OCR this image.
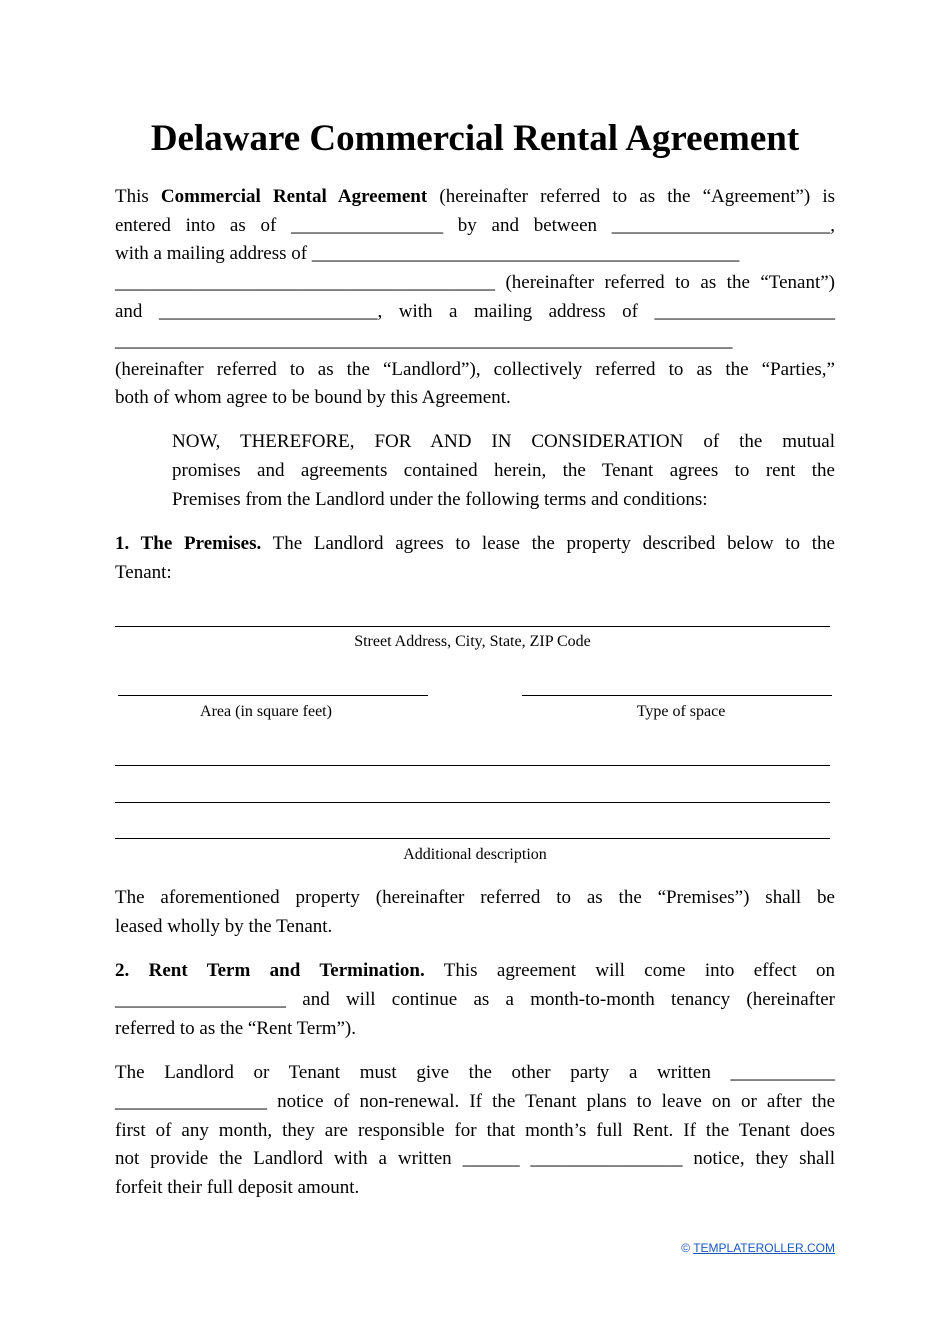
Delaware Commercial Rental Agreement
This Commercial Rental Agreement (hereinafter referred to as the “Agreement”) is
entered into as of ________________ by and between _______________________,
with a mailing address of _____________________________________________
________________________________________ (hereinafter referred to as the “Tenant”)
and _______________________, with a mailing address of ___________________
_________________________________________________________________
(hereinafter referred to as the “Landlord”), collectively referred to as the “Parties,”
both of whom agree to be bound by this Agreement.
NOW, THEREFORE, FOR AND IN CONSIDERATION of the mutual
promises and agreements contained herein, the Tenant agrees to rent the
Premises from the Landlord under the following terms and conditions:
1. The Premises. The Landlord agrees to lease the property described below to the
Tenant:
Street Address, City, State, ZIP Code
Area (in square feet)	Type of space
Additional description
The aforementioned property (hereinafter referred to as the “Premises”) shall be
leased wholly by the Tenant.
2. Rent Term and Termination. This agreement will come into effect on
__________________ and will continue as a month-to-month tenancy (hereinafter
referred to as the “Rent Term”).
The Landlord or Tenant must give the other party a written ___________
________________ notice of non-renewal. If the Tenant plans to leave on or after the
first of any month, they are responsible for that month’s full Rent. If the Tenant does
not provide the Landlord with a written ______ ________________ notice, they shall
forfeit their full deposit amount.
© TEMPLATEROLLER.COM
